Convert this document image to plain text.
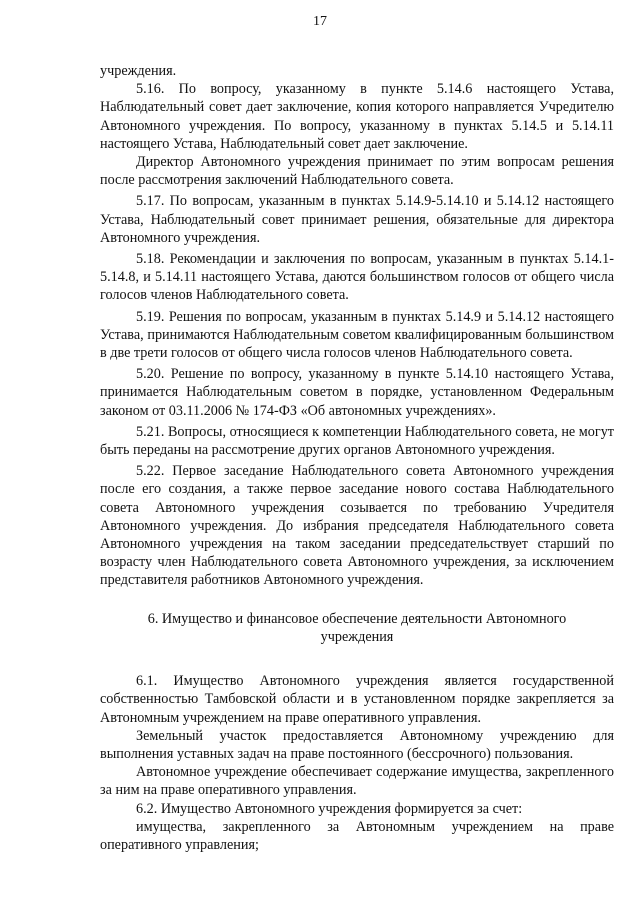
17

учреждения.

5.16. По вопросу, указанному в пункте 5.14.6 настоящего Устава, Наблюдательный совет дает заключение, копия которого направляется Учредителю Автономного учреждения. По вопросу, указанному в пунктах 5.14.5 и 5.14.11 настоящего Устава, Наблюдательный совет дает заключение.

Директор Автономного учреждения принимает по этим вопросам решения после рассмотрения заключений Наблюдательного совета.

5.17. По вопросам, указанным в пунктах 5.14.9-5.14.10 и 5.14.12 настоящего Устава, Наблюдательный совет принимает решения, обязательные для директора Автономного учреждения.

5.18. Рекомендации и заключения по вопросам, указанным в пунктах 5.14.1-5.14.8, и 5.14.11 настоящего Устава, даются большинством голосов от общего числа голосов членов Наблюдательного совета.

5.19. Решения по вопросам, указанным в пунктах 5.14.9 и 5.14.12 настоящего Устава, принимаются Наблюдательным советом квалифицированным большинством в две трети голосов от общего числа голосов членов Наблюдательного совета.

5.20. Решение по вопросу, указанному в пункте 5.14.10 настоящего Устава, принимается Наблюдательным советом в порядке, установленном Федеральным законом от 03.11.2006 № 174-ФЗ «Об автономных учреждениях».

5.21. Вопросы, относящиеся к компетенции Наблюдательного совета, не могут быть переданы на рассмотрение других органов Автономного учреждения.

5.22. Первое заседание Наблюдательного совета Автономного учреждения после его создания, а также первое заседание нового состава Наблюдательного совета Автономного учреждения созывается по требованию Учредителя Автономного учреждения. До избрания председателя Наблюдательного совета Автономного учреждения на таком заседании председательствует старший по возрасту член Наблюдательного совета Автономного учреждения, за исключением представителя работников Автономного учреждения.

6. Имущество и финансовое обеспечение деятельности Автономного учреждения

6.1. Имущество Автономного учреждения является государственной собственностью Тамбовской области и в установленном порядке закрепляется за Автономным учреждением на праве оперативного управления.

Земельный участок предоставляется Автономному учреждению для выполнения уставных задач на праве постоянного (бессрочного) пользования.

Автономное учреждение обеспечивает содержание имущества, закрепленного за ним на праве оперативного управления.

6.2. Имущество Автономного учреждения формируется за счет:

имущества, закрепленного за Автономным учреждением на праве оперативного управления;
